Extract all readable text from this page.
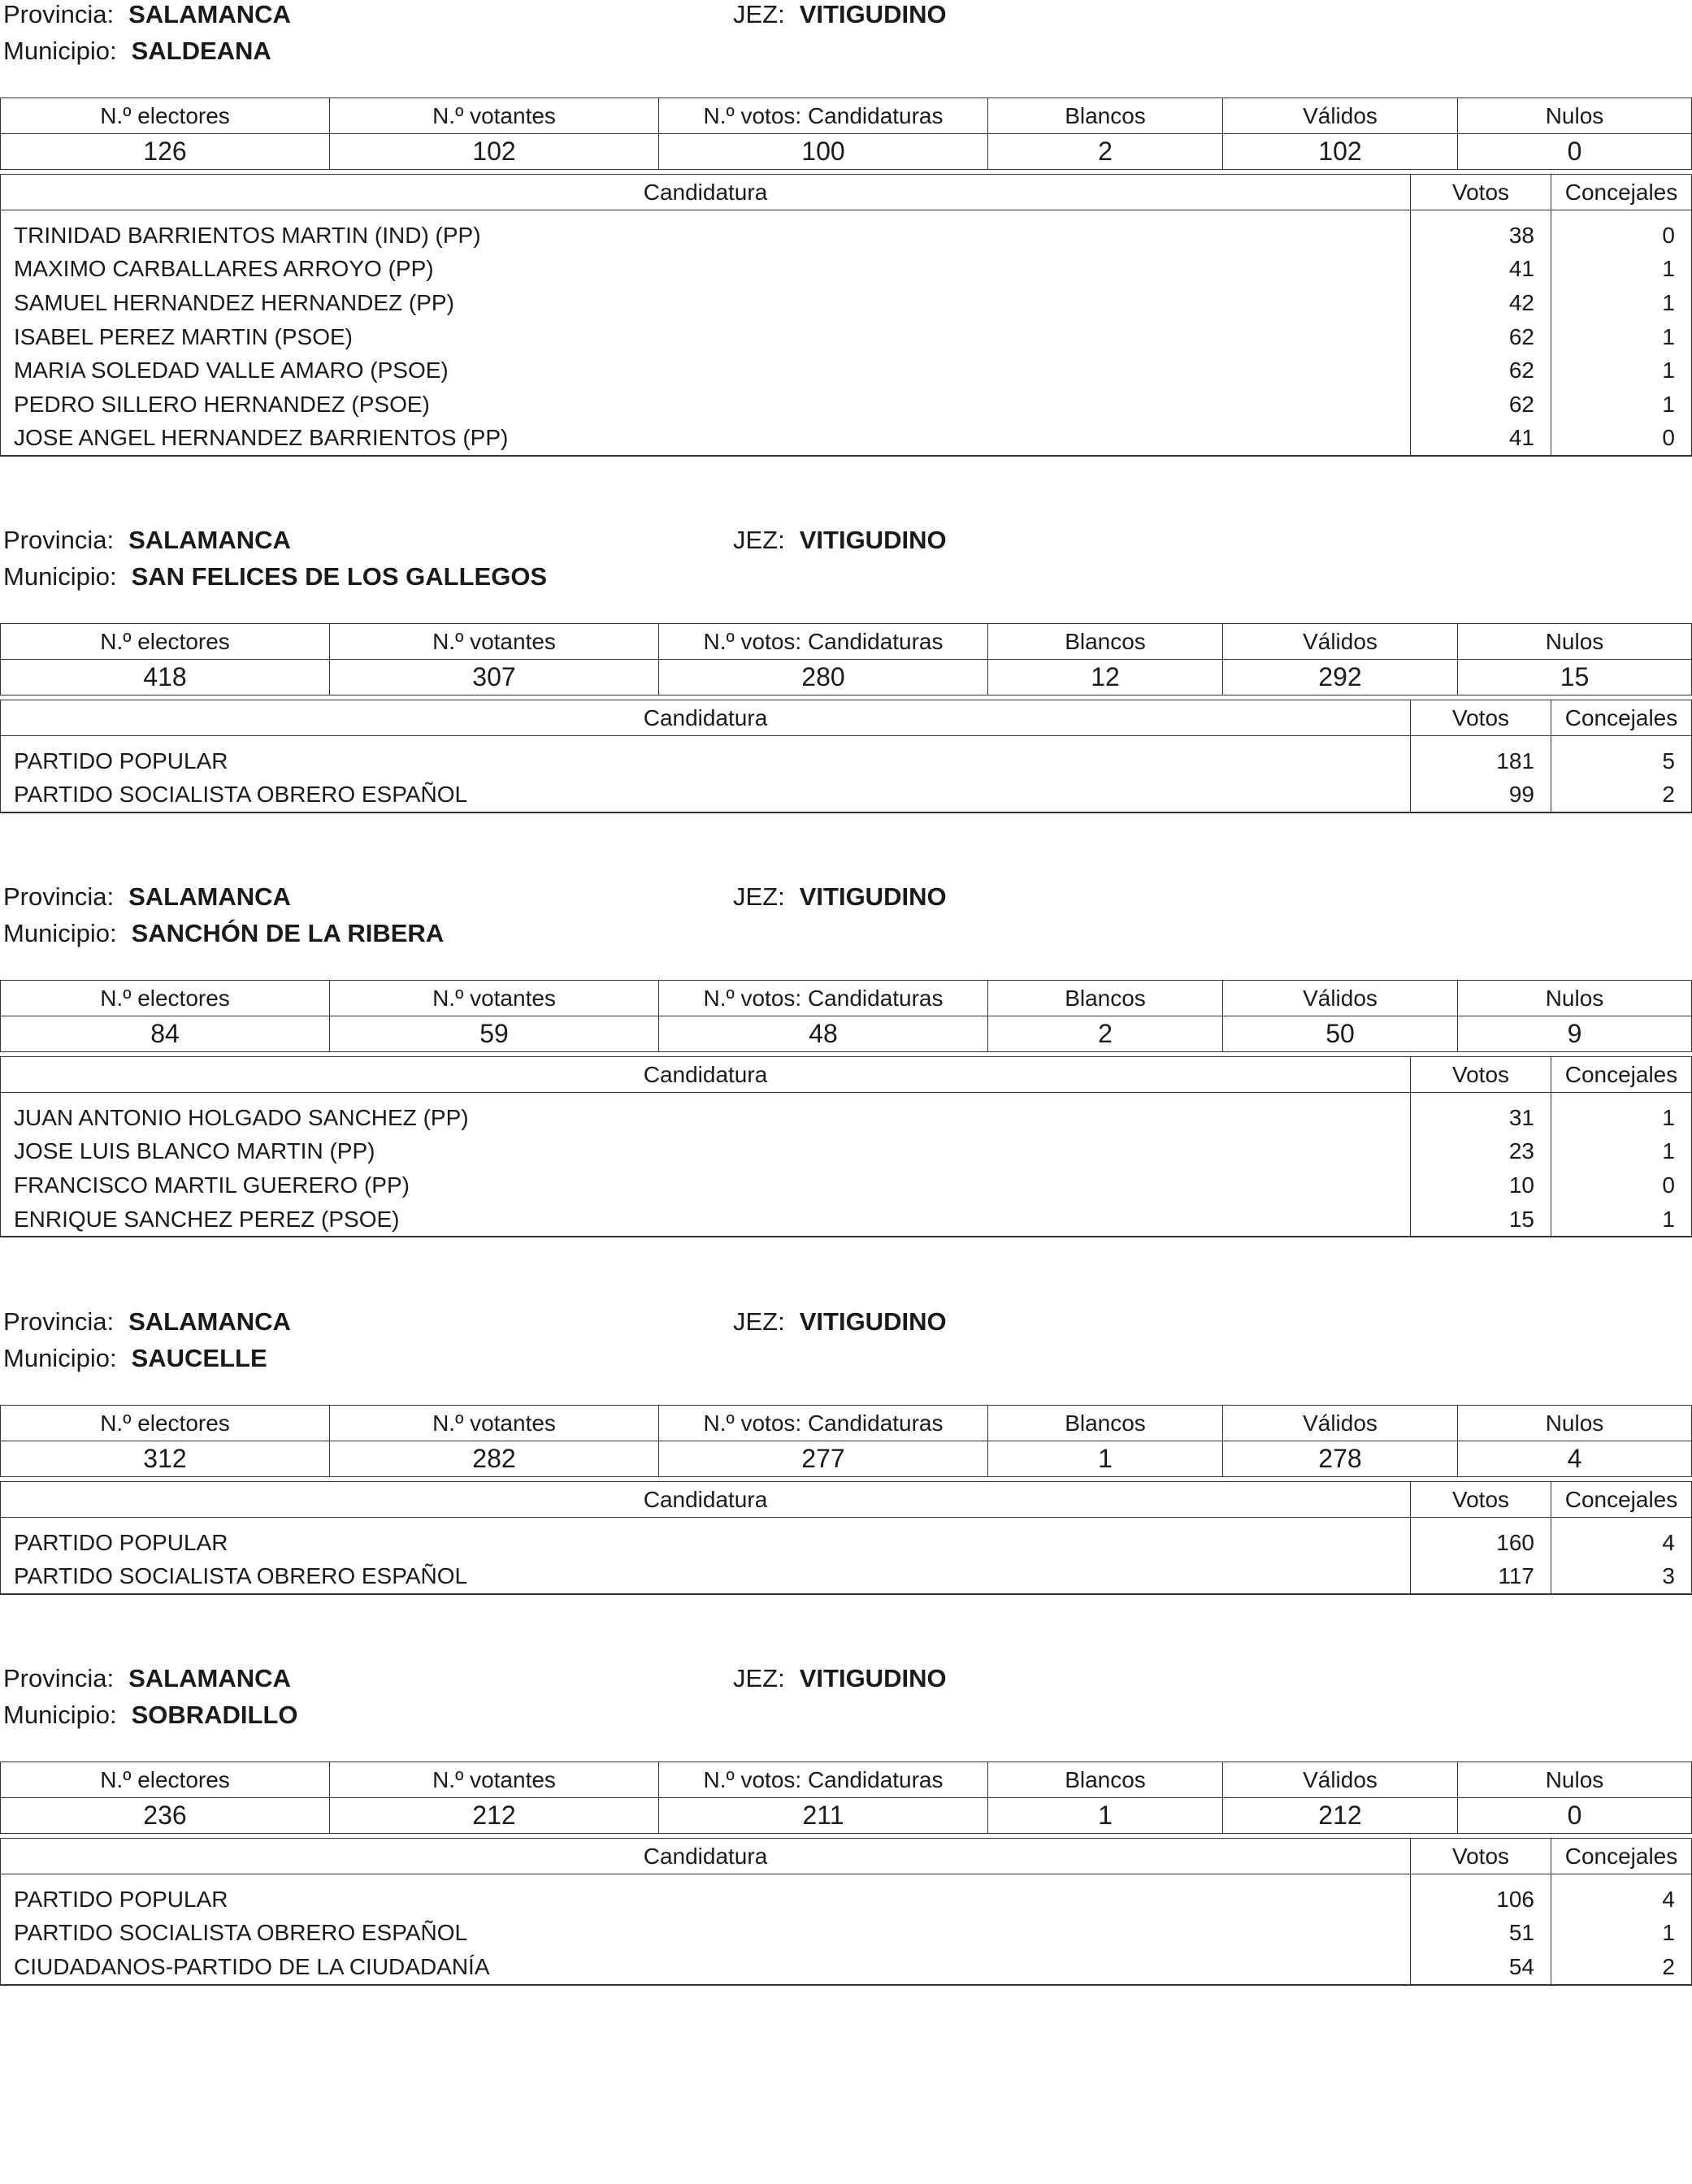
Provincia: SALAMANCA	JEZ: VITIGUDINO
Municipio: SALDEANA
N.º electores	N.º votantes	N.º votos: Candidaturas	Blancos	Válidos	Nulos
126	102	100	2	102	0
Candidatura	Votos	Concejales

TRINIDAD BARRIENTOS MARTIN (IND) (PP)	38	0
MAXIMO CARBALLARES ARROYO (PP)	41	1
SAMUEL HERNANDEZ HERNANDEZ (PP)	42	1
ISABEL PEREZ MARTIN (PSOE)	62	1
MARIA SOLEDAD VALLE AMARO (PSOE)	62	1
PEDRO SILLERO HERNANDEZ (PSOE)	62	1
JOSE ANGEL HERNANDEZ BARRIENTOS (PP)	41	0
Provincia: SALAMANCA	JEZ: VITIGUDINO
Municipio: SAN FELICES DE LOS GALLEGOS
N.º electores	N.º votantes	N.º votos: Candidaturas	Blancos	Válidos	Nulos
418	307	280	12	292	15
Candidatura	Votos	Concejales

PARTIDO POPULAR	181	5
PARTIDO SOCIALISTA OBRERO ESPAÑOL	99	2
Provincia: SALAMANCA	JEZ: VITIGUDINO
Municipio: SANCHÓN DE LA RIBERA
N.º electores	N.º votantes	N.º votos: Candidaturas	Blancos	Válidos	Nulos
84	59	48	2	50	9
Candidatura	Votos	Concejales

JUAN ANTONIO HOLGADO SANCHEZ (PP)	31	1
JOSE LUIS BLANCO MARTIN (PP)	23	1
FRANCISCO MARTIL GUERERO (PP)	10	0
ENRIQUE SANCHEZ PEREZ (PSOE)	15	1
Provincia: SALAMANCA	JEZ: VITIGUDINO
Municipio: SAUCELLE
N.º electores	N.º votantes	N.º votos: Candidaturas	Blancos	Válidos	Nulos
312	282	277	1	278	4
Candidatura	Votos	Concejales

PARTIDO POPULAR	160	4
PARTIDO SOCIALISTA OBRERO ESPAÑOL	117	3
Provincia: SALAMANCA	JEZ: VITIGUDINO
Municipio: SOBRADILLO
N.º electores	N.º votantes	N.º votos: Candidaturas	Blancos	Válidos	Nulos
236	212	211	1	212	0
Candidatura	Votos	Concejales

PARTIDO POPULAR	106	4
PARTIDO SOCIALISTA OBRERO ESPAÑOL	51	1
CIUDADANOS-PARTIDO DE LA CIUDADANÍA	54	2
